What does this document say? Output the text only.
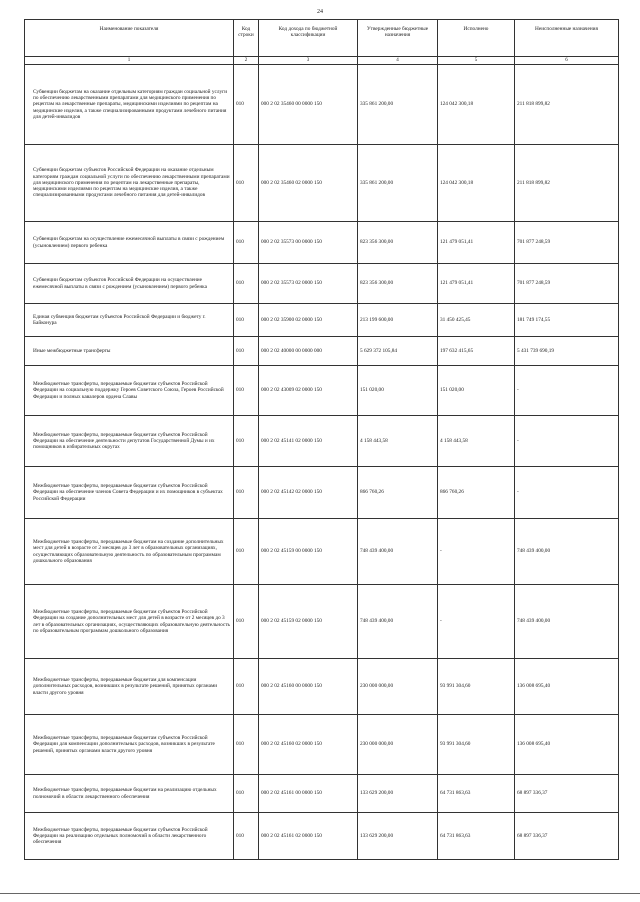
24
Наименование показателя	Код строки	Код дохода по бюджетной классификации	Утвержденные бюджетные назначения	Исполнено	Неисполненные назначения
1	2	3	4	5	6
Субвенции бюджетам на оказание отдельным категориям граждан социальной услуги по обеспечению лекарственными препаратами для медицинского применения по рецептам на лекарственные препараты, медицинскими изделиями по рецептам на медицинские изделия, а также специализированными продуктами лечебного питания для детей-инвалидов	010	000 2 02 35460 00 0000 150	335 861 200,00	124 042 300,18	211 818 899,82
Субвенции бюджетам субъектов Российской Федерации на оказание отдельным категориям граждан социальной услуги по обеспечению лекарственными препаратами для медицинского применения по рецептам на лекарственные препараты, медицинскими изделиями по рецептам на медицинские изделия, а также специализированными продуктами лечебного питания для детей-инвалидов	010	000 2 02 35460 02 0000 150	335 861 200,00	124 042 300,18	211 818 899,82
Субвенции бюджетам на осуществление ежемесячной выплаты в связи с рождением (усыновлением) первого ребенка	010	000 2 02 35573 00 0000 150	823 356 300,00	121 479 051,41	701 877 248,59
Субвенции бюджетам субъектов Российской Федерации на осуществление ежемесячной выплаты в связи с рождением (усыновлением) первого ребенка	010	000 2 02 35573 02 0000 150	823 356 300,00	121 479 051,41	701 877 248,59
Единая субвенция бюджетам субъектов Российской Федерации и бюджету г. Байконура	010	000 2 02 35900 02 0000 150	213 199 600,00	31 450 425,45	181 749 174,55
Иные межбюджетные трансферты	010	000 2 02 40000 00 0000 000	5 629 372 105,84	197 632 415,65	5 431 739 690,19
Межбюджетные трансферты, передаваемые бюджетам субъектов Российской Федерации на социальную поддержку Героев Советского Союза, Героев Российской Федерации и полных кавалеров ордена Славы	010	000 2 02 43009 02 0000 150	151 020,00	151 020,00	-
Межбюджетные трансферты, передаваемые бюджетам субъектов Российской Федерации на обеспечение деятельности депутатов Государственной Думы и их помощников в избирательных округах	010	000 2 02 45141 02 0000 150	4 158 443,58	4 158 443,58	-
Межбюджетные трансферты, передаваемые бюджетам субъектов Российской Федерации на обеспечение членов Совета Федерации и их помощников в субъектах Российской Федерации	010	000 2 02 45142 02 0000 150	866 760,26	866 760,26	-
Межбюджетные трансферты, передаваемые бюджетам на создание дополнительных мест для детей в возрасте от 2 месяцев до 3 лет в образовательных организациях, осуществляющих образовательную деятельность по образовательным программам дошкольного образования	010	000 2 02 45159 00 0000 150	748 439 400,00	-	748 439 400,00
Межбюджетные трансферты, передаваемые бюджетам субъектов Российской Федерации на создание дополнительных мест для детей в возрасте от 2 месяцев до 3 лет в образовательных организациях, осуществляющих образовательную деятельность по образовательным программам дошкольного образования	010	000 2 02 45159 02 0000 150	748 439 400,00	-	748 439 400,00
Межбюджетные трансферты, передаваемые бюджетам для компенсации дополнительных расходов, возникших в результате решений, принятых органами власти другого уровня	010	000 2 02 45160 00 0000 150	230 000 000,00	93 991 304,60	136 008 695,40
Межбюджетные трансферты, передаваемые бюджетам субъектов Российской Федерации для компенсации дополнительных расходов, возникших в результате решений, принятых органами власти другого уровня	010	000 2 02 45160 02 0000 150	230 000 000,00	93 991 304,60	136 008 695,40
Межбюджетные трансферты, передаваемые бюджетам на реализацию отдельных полномочий в области лекарственного обеспечения	010	000 2 02 45161 00 0000 150	133 629 200,00	64 731 863,63	68 897 336,37
Межбюджетные трансферты, передаваемые бюджетам субъектов Российской Федерации на реализацию отдельных полномочий в области лекарственного обеспечения	010	000 2 02 45161 02 0000 150	133 629 200,00	64 731 863,63	68 897 336,37
